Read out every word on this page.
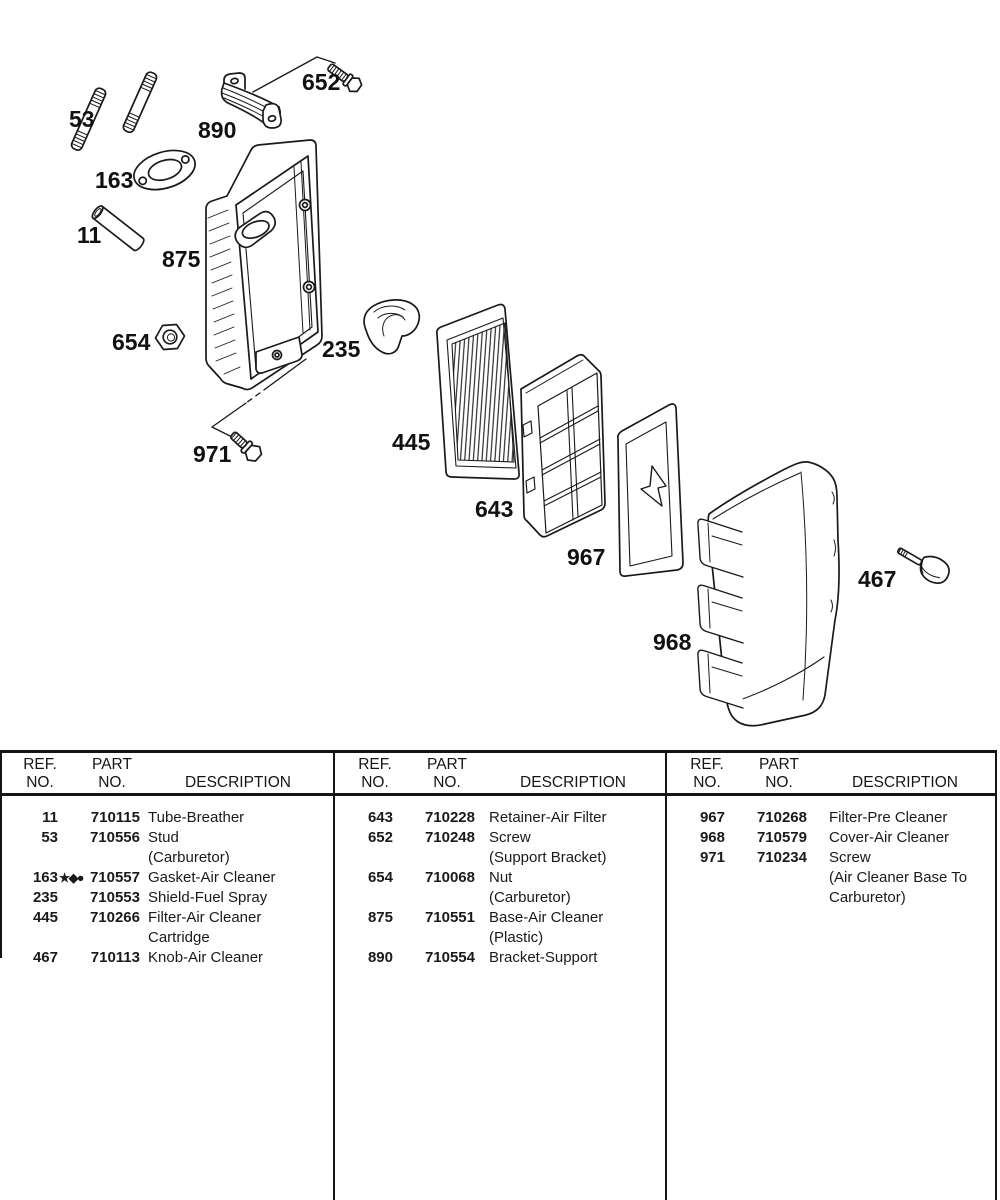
53
652
890
163
11
875
654	235
971	445
643
967
968
467
REF.
NO.
PART
NO.	DESCRIPTION
11	710115 Tube-Breather
53	710556 Stud
(Carburetor)
163 ★◆● 710557 Gasket-Air Cleaner
235	710553 Shield-Fuel Spray
445	710266 Filter-Air Cleaner
Cartridge
467	710113 Knob-Air Cleaner
REF.
NO.
PART
NO.	DESCRIPTION
643	710228 Retainer-Air Filter
652	710248 Screw
(Support Bracket)
654	710068 Nut
(Carburetor)
875	710551 Base-Air Cleaner
(Plastic)
890	710554 Bracket-Support
REF.
NO.
PART
NO.	DESCRIPTION
967	710268 Filter-Pre Cleaner
968	710579 Cover-Air Cleaner
971	710234 Screw
(Air Cleaner Base To
Carburetor)
